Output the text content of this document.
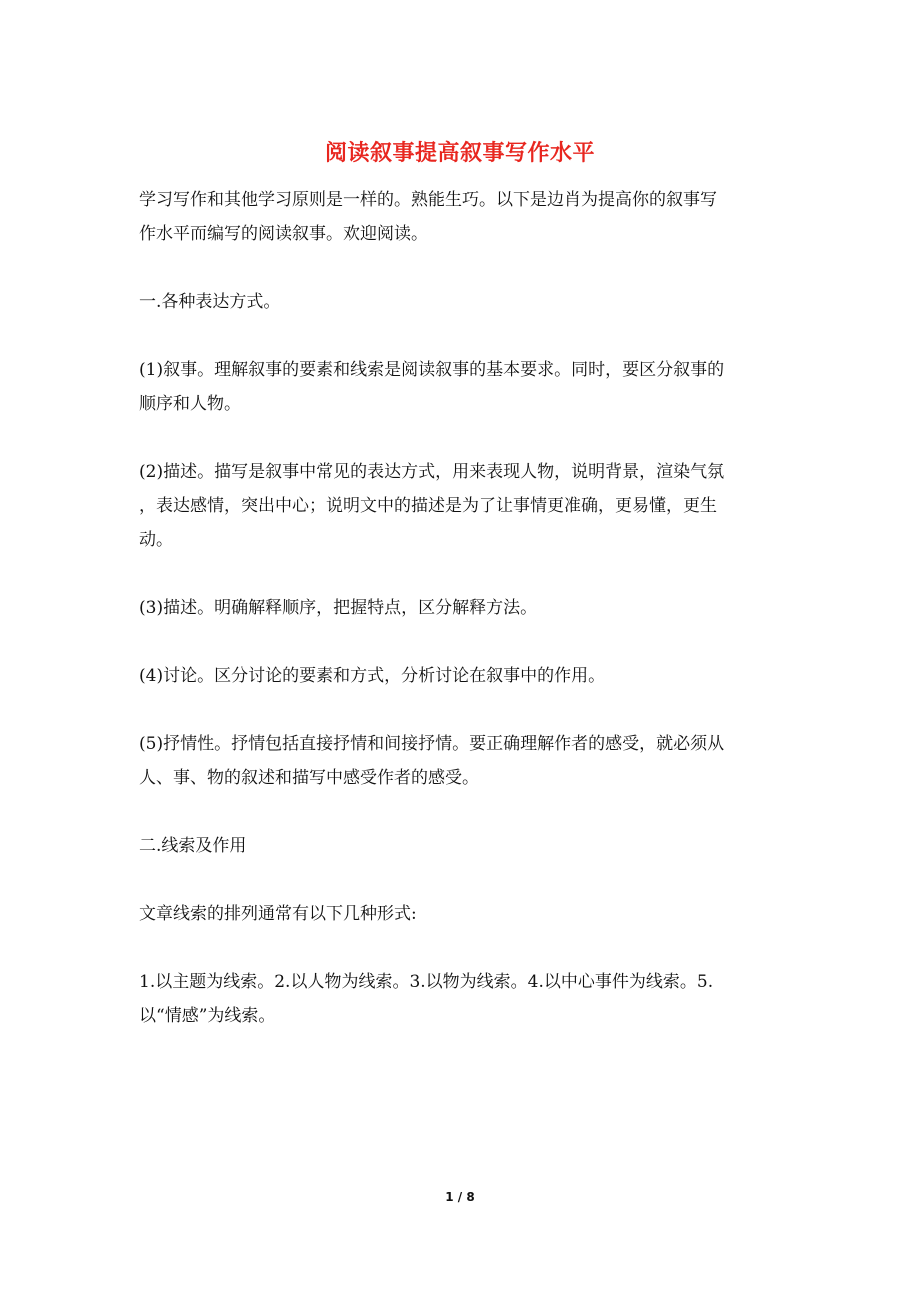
阅读叙事提高叙事写作水平

学习写作和其他学习原则是一样的。熟能生巧。以下是边肖为提高你的叙事写
作水平而编写的阅读叙事。欢迎阅读。

一.各种表达方式。

(1)叙事。理解叙事的要素和线索是阅读叙事的基本要求。同时，要区分叙事的
顺序和人物。

(2)描述。描写是叙事中常见的表达方式，用来表现人物，说明背景，渲染气氛
，表达感情，突出中心；说明文中的描述是为了让事情更准确，更易懂，更生
动。

(3)描述。明确解释顺序，把握特点，区分解释方法。

(4)讨论。区分讨论的要素和方式，分析讨论在叙事中的作用。

(5)抒情性。抒情包括直接抒情和间接抒情。要正确理解作者的感受，就必须从
人、事、物的叙述和描写中感受作者的感受。

二.线索及作用

文章线索的排列通常有以下几种形式:

1.以主题为线索。2.以人物为线索。3.以物为线索。4.以中心事件为线索。5.
以“情感”为线索。

1 / 8
